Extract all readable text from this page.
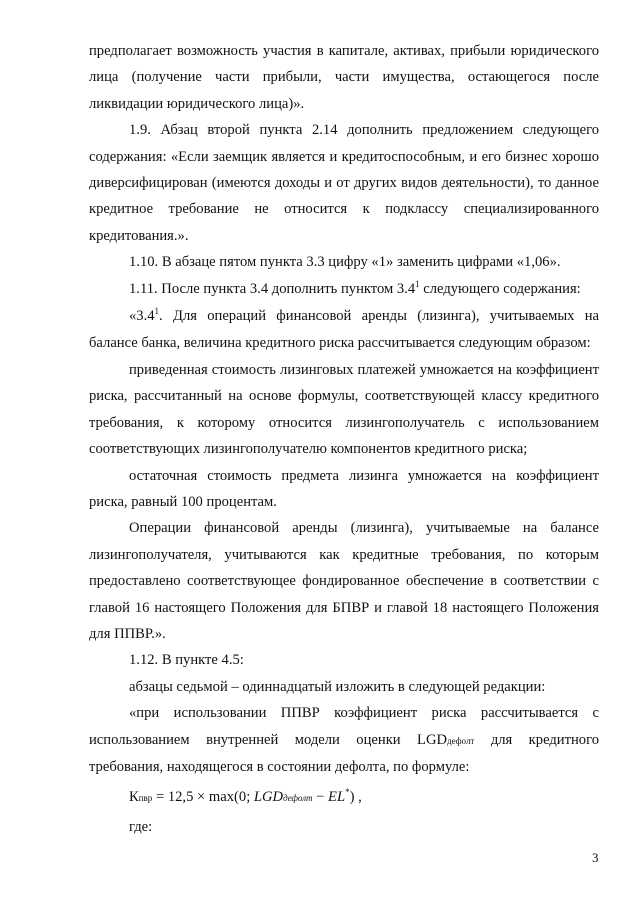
предполагает возможность участия в капитале, активах, прибыли юридического лица (получение части прибыли, части имущества, остающегося после ликвидации юридического лица)».

1.9. Абзац второй пункта 2.14 дополнить предложением следующего содержания: «Если заемщик является и кредитоспособным, и его бизнес хорошо диверсифицирован (имеются доходы и от других видов деятельности), то данное кредитное требование не относится к подклассу специализированного кредитования.».

1.10. В абзаце пятом пункта 3.3 цифру «1» заменить цифрами «1,06».

1.11. После пункта 3.4 дополнить пунктом $3.4^1$ следующего содержания:

«$3.4^1$. Для операций финансовой аренды (лизинга), учитываемых на балансе банка, величина кредитного риска рассчитывается следующим образом:

приведенная стоимость лизинговых платежей умножается на коэффициент риска, рассчитанный на основе формулы, соответствующей классу кредитного требования, к которому относится лизингополучатель с использованием соответствующих лизингополучателю компонентов кредитного риска;

остаточная стоимость предмета лизинга умножается на коэффициент риска, равный 100 процентам.

Операции финансовой аренды (лизинга), учитываемые на балансе лизингополучателя, учитываются как кредитные требования, по которым предоставлено соответствующее фондированное обеспечение в соответствии с главой 16 настоящего Положения для БПВР и главой 18 настоящего Положения для ППВР.».

1.12. В пункте 4.5:

абзацы седьмой – одиннадцатый изложить в следующей редакции:

«при использовании ППВР коэффициент риска рассчитывается с использованием внутренней модели оценки LGDдефолт для кредитного требования, находящегося в состоянии дефолта, по формуле:

Кпвр = 12,5 × max(0; LGDдефолт − EL*) ,

где:

3
